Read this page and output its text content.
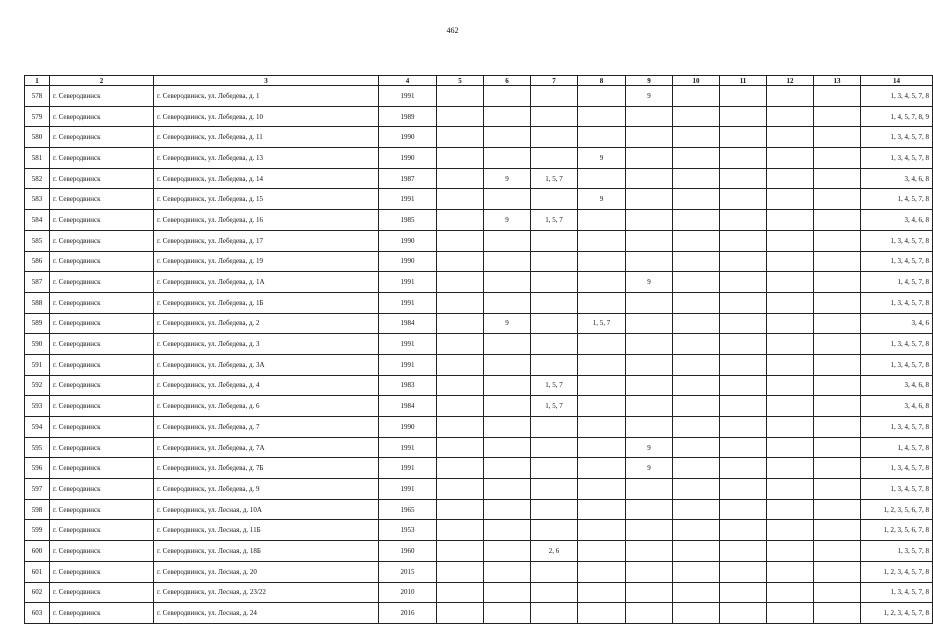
462
1	2	3	4	5	6	7	8	9	10	11	12	13	14
578	г. Северодвинск	г. Северодвинск, ул. Лебедева, д. 1	1991					9					1, 3, 4, 5, 7, 8
579	г. Северодвинск	г. Северодвинск, ул. Лебедева, д. 10	1989										1, 4, 5, 7, 8, 9
580	г. Северодвинск	г. Северодвинск, ул. Лебедева, д. 11	1990										1, 3, 4, 5, 7, 8
581	г. Северодвинск	г. Северодвинск, ул. Лебедева, д. 13	1990				9						1, 3, 4, 5, 7, 8
582	г. Северодвинск	г. Северодвинск, ул. Лебедева, д. 14	1987		9	1, 5, 7							3, 4, 6, 8
583	г. Северодвинск	г. Северодвинск, ул. Лебедева, д. 15	1991				9						1, 4, 5, 7, 8
584	г. Северодвинск	г. Северодвинск, ул. Лебедева, д. 16	1985		9	1, 5, 7							3, 4, 6, 8
585	г. Северодвинск	г. Северодвинск, ул. Лебедева, д. 17	1990										1, 3, 4, 5, 7, 8
586	г. Северодвинск	г. Северодвинск, ул. Лебедева, д. 19	1990										1, 3, 4, 5, 7, 8
587	г. Северодвинск	г. Северодвинск, ул. Лебедева, д. 1А	1991					9					1, 4, 5, 7, 8
588	г. Северодвинск	г. Северодвинск, ул. Лебедева, д. 1Б	1991										1, 3, 4, 5, 7, 8
589	г. Северодвинск	г. Северодвинск, ул. Лебедева, д. 2	1984		9		1, 5, 7						3, 4, 6
590	г. Северодвинск	г. Северодвинск, ул. Лебедева, д. 3	1991										1, 3, 4, 5, 7, 8
591	г. Северодвинск	г. Северодвинск, ул. Лебедева, д. 3А	1991										1, 3, 4, 5, 7, 8
592	г. Северодвинск	г. Северодвинск, ул. Лебедева, д. 4	1983			1, 5, 7							3, 4, 6, 8
593	г. Северодвинск	г. Северодвинск, ул. Лебедева, д. 6	1984			1, 5, 7							3, 4, 6, 8
594	г. Северодвинск	г. Северодвинск, ул. Лебедева, д. 7	1990										1, 3, 4, 5, 7, 8
595	г. Северодвинск	г. Северодвинск, ул. Лебедева, д. 7А	1991					9					1, 4, 5, 7, 8
596	г. Северодвинск	г. Северодвинск, ул. Лебедева, д. 7Б	1991					9					1, 3, 4, 5, 7, 8
597	г. Северодвинск	г. Северодвинск, ул. Лебедева, д. 9	1991										1, 3, 4, 5, 7, 8
598	г. Северодвинск	г. Северодвинск, ул. Лесная, д. 10А	1965										1, 2, 3, 5, 6, 7, 8
599	г. Северодвинск	г. Северодвинск, ул. Лесная, д. 11Б	1953										1, 2, 3, 5, 6, 7, 8
600	г. Северодвинск	г. Северодвинск, ул. Лесная, д. 18Б	1960			2, 6							1, 3, 5, 7, 8
601	г. Северодвинск	г. Северодвинск, ул. Лесная, д. 20	2015										1, 2, 3, 4, 5, 7, 8
602	г. Северодвинск	г. Северодвинск, ул. Лесная, д. 23/22	2010										1, 3, 4, 5, 7, 8
603	г. Северодвинск	г. Северодвинск, ул. Лесная, д. 24	2016										1, 2, 3, 4, 5, 7, 8
